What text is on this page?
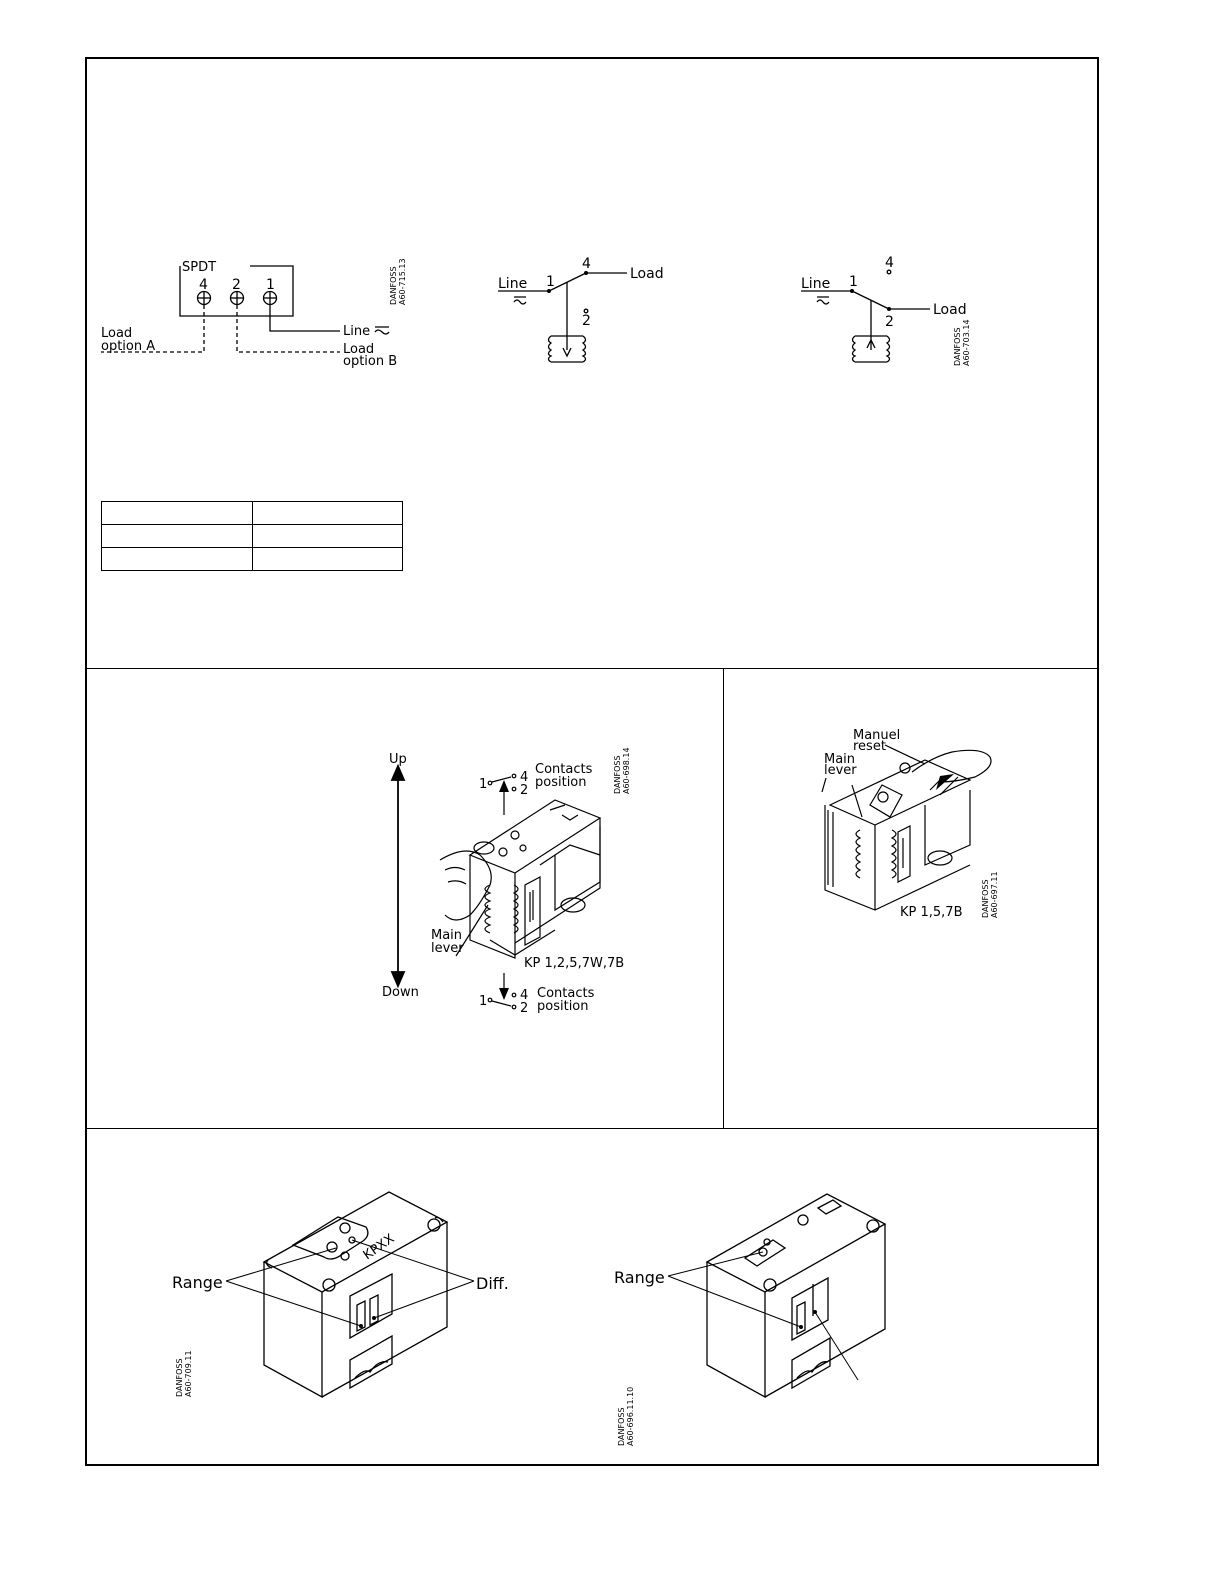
SPDT
4 2 1
Load
option A
Line
Load
option B
DANFOSS A60-715.13	Line
Load
1
4
2
Line
Load
1
4
2
DANFOSS A60-703.14
Up
Down
1	4
2
Contacts
position
Main
lever
KP 1,2,5,7W,7B
1	4
2
Contacts
position
DANFOSS A60-698.14
Manuel
reset
Main
lever
KP 1,5,7B DANFOSS A60-697.11
Range	Diff.
KPXX
DANFOSS A60-709.11
Range
DANFOSS A60-696.11.10
